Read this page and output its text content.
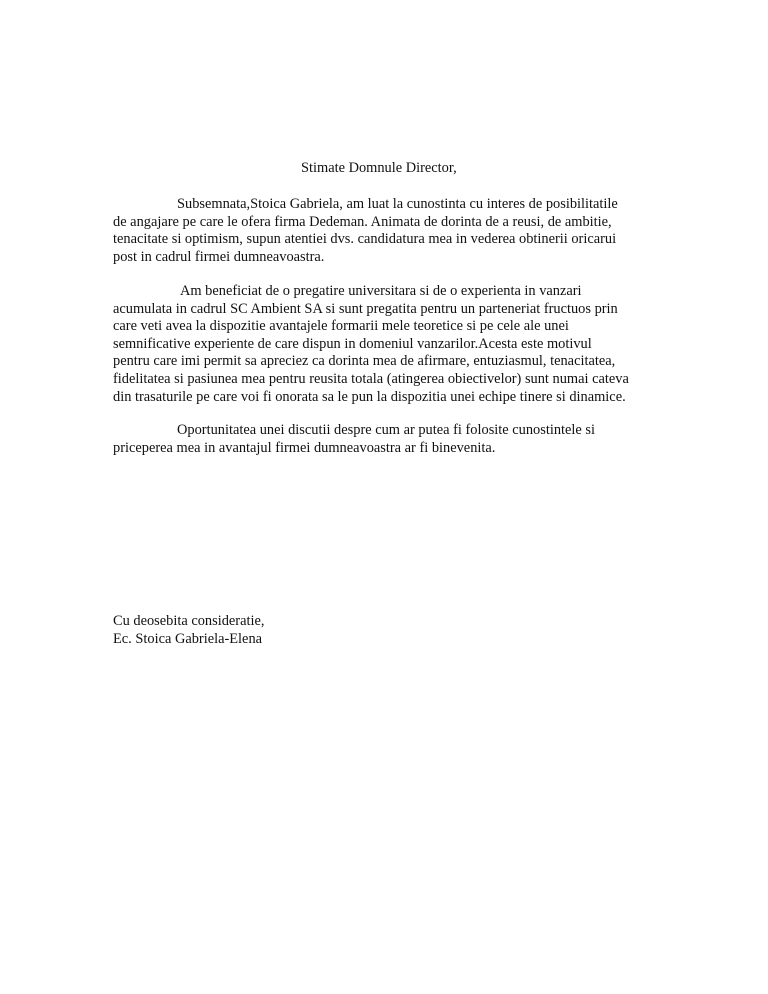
Stimate Domnule Director,
Subsemnata,Stoica Gabriela, am luat la cunostinta cu interes de posibilitatile
de angajare pe care le ofera firma Dedeman. Animata de dorinta de a reusi, de ambitie,
tenacitate si optimism, supun atentiei dvs. candidatura mea in vederea obtinerii oricarui
post in cadrul firmei dumneavoastra.
Am beneficiat de o pregatire universitara si de o experienta in vanzari
acumulata in cadrul SC Ambient SA si sunt pregatita pentru un parteneriat fructuos prin
care veti avea la dispozitie avantajele formarii mele teoretice si pe cele ale unei
semnificative experiente de care dispun in domeniul vanzarilor.Acesta este motivul
pentru care imi permit sa apreciez ca dorinta mea de afirmare, entuziasmul, tenacitatea,
fidelitatea si pasiunea mea pentru reusita totala (atingerea obiectivelor) sunt numai cateva
din trasaturile pe care voi fi onorata sa le pun la dispozitia unei echipe tinere si dinamice.
Oportunitatea unei discutii despre cum ar putea fi folosite cunostintele si
priceperea mea in avantajul firmei dumneavoastra ar fi binevenita.
Cu deosebita consideratie,
Ec. Stoica Gabriela-Elena
